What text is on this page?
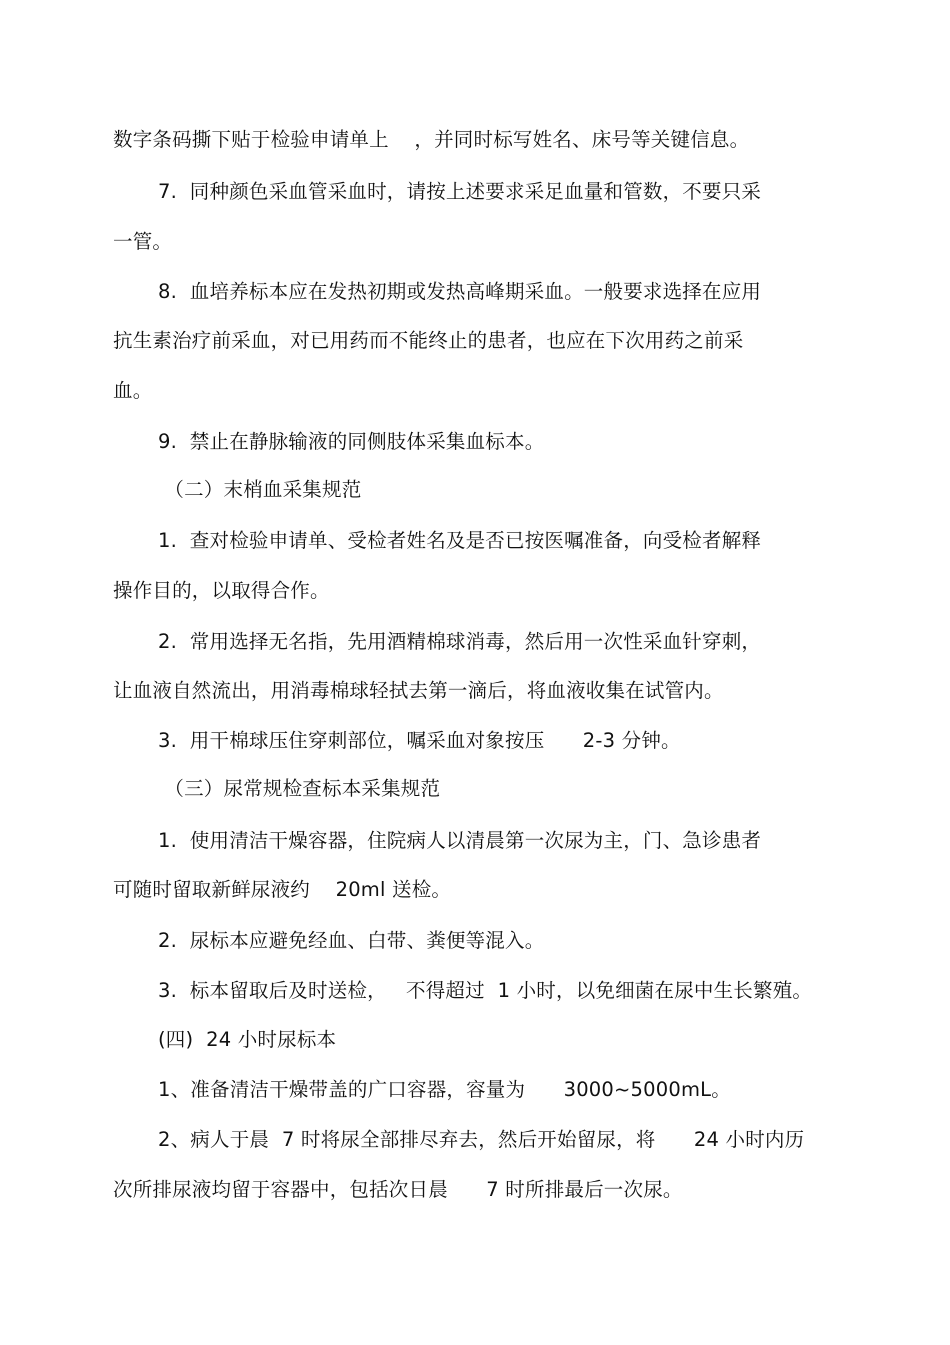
数字条码撕下贴于检验申请单上    ，并同时标写姓名、床号等关键信息。
7.  同种颜色采血管采血时，请按上述要求采足血量和管数，不要只采
一管。
8.  血培养标本应在发热初期或发热高峰期采血。一般要求选择在应用
抗生素治疗前采血，对已用药而不能终止的患者，也应在下次用药之前采
血。
9.  禁止在静脉输液的同侧肢体采集血标本。
（二）末梢血采集规范
1.  查对检验申请单、受检者姓名及是否已按医嘱准备，向受检者解释
操作目的，以取得合作。
2.  常用选择无名指，先用酒精棉球消毒，然后用一次性采血针穿刺，
让血液自然流出，用消毒棉球轻拭去第一滴后，将血液收集在试管内。
3.  用干棉球压住穿刺部位，嘱采血对象按压      2-3 分钟。
（三）尿常规检查标本采集规范
1.  使用清洁干燥容器，住院病人以清晨第一次尿为主，门、急诊患者
可随时留取新鲜尿液约    20ml 送检。
2.  尿标本应避免经血、白带、粪便等混入。
3.  标本留取后及时送检，   不得超过  1 小时，以免细菌在尿中生长繁殖。
(四)  24 小时尿标本
1、准备清洁干燥带盖的广口容器，容量为      3000~5000mL。
2、病人于晨  7 时将尿全部排尽弃去，然后开始留尿，将      24 小时内历
次所排尿液均留于容器中，包括次日晨      7 时所排最后一次尿。
